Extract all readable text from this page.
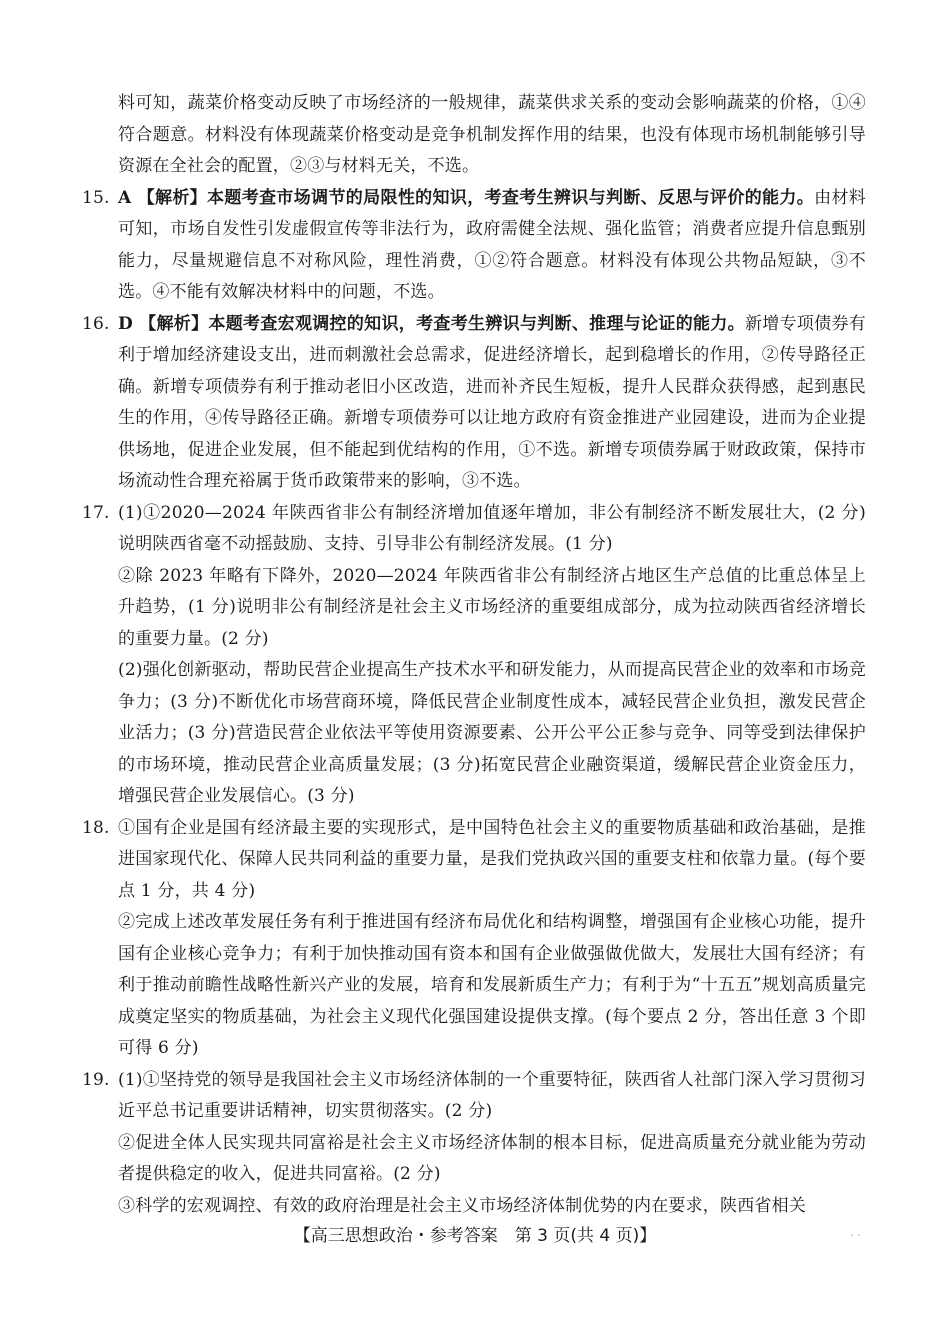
料可知，蔬菜价格变动反映了市场经济的一般规律，蔬菜供求关系的变动会影响蔬菜的价格，①④符合题意。材料没有体现蔬菜价格变动是竞争机制发挥作用的结果，也没有体现市场机制能够引导资源在全社会的配置，②③与材料无关，不选。

15. A 【解析】本题考查市场调节的局限性的知识，考查考生辨识与判断、反思与评价的能力。由材料可知，市场自发性引发虚假宣传等非法行为，政府需健全法规、强化监管；消费者应提升信息甄别能力，尽量规避信息不对称风险，理性消费，①②符合题意。材料没有体现公共物品短缺，③不选。④不能有效解决材料中的问题，不选。
16. D 【解析】本题考查宏观调控的知识，考查考生辨识与判断、推理与论证的能力。新增专项债券有利于增加经济建设支出，进而刺激社会总需求，促进经济增长，起到稳增长的作用，②传导路径正确。新增专项债券有利于推动老旧小区改造，进而补齐民生短板，提升人民群众获得感，起到惠民生的作用，④传导路径正确。新增专项债券可以让地方政府有资金推进产业园建设，进而为企业提供场地，促进企业发展，但不能起到优结构的作用，①不选。新增专项债券属于财政政策，保持市场流动性合理充裕属于货币政策带来的影响，③不选。
17. (1)①2020—2024 年陕西省非公有制经济增加值逐年增加，非公有制经济不断发展壮大，(2 分)说明陕西省毫不动摇鼓励、支持、引导非公有制经济发展。(1 分)

②除 2023 年略有下降外，2020—2024 年陕西省非公有制经济占地区生产总值的比重总体呈上升趋势，(1 分)说明非公有制经济是社会主义市场经济的重要组成部分，成为拉动陕西省经济增长的重要力量。(2 分)

(2)强化创新驱动，帮助民营企业提高生产技术水平和研发能力，从而提高民营企业的效率和市场竞争力；(3 分)不断优化市场营商环境，降低民营企业制度性成本，减轻民营企业负担，激发民营企业活力；(3 分)营造民营企业依法平等使用资源要素、公开公平公正参与竞争、同等受到法律保护的市场环境，推动民营企业高质量发展；(3 分)拓宽民营企业融资渠道，缓解民营企业资金压力，增强民营企业发展信心。(3 分)

18. ①国有企业是国有经济最主要的实现形式，是中国特色社会主义的重要物质基础和政治基础，是推进国家现代化、保障人民共同利益的重要力量，是我们党执政兴国的重要支柱和依靠力量。(每个要点 1 分，共 4 分)

②完成上述改革发展任务有利于推进国有经济布局优化和结构调整，增强国有企业核心功能，提升国有企业核心竞争力；有利于加快推动国有资本和国有企业做强做优做大，发展壮大国有经济；有利于推动前瞻性战略性新兴产业的发展，培育和发展新质生产力；有利于为“十五五”规划高质量完成奠定坚实的物质基础，为社会主义现代化强国建设提供支撑。(每个要点 2 分，答出任意 3 个即可得 6 分)

19. (1)①坚持党的领导是我国社会主义市场经济体制的一个重要特征，陕西省人社部门深入学习贯彻习近平总书记重要讲话精神，切实贯彻落实。(2 分)

②促进全体人民实现共同富裕是社会主义市场经济体制的根本目标，促进高质量充分就业能为劳动者提供稳定的收入，促进共同富裕。(2 分)

③科学的宏观调控、有效的政府治理是社会主义市场经济体制优势的内在要求，陕西省相关

【高三思想政治・参考答案　第 3 页(共 4 页)】	. .
